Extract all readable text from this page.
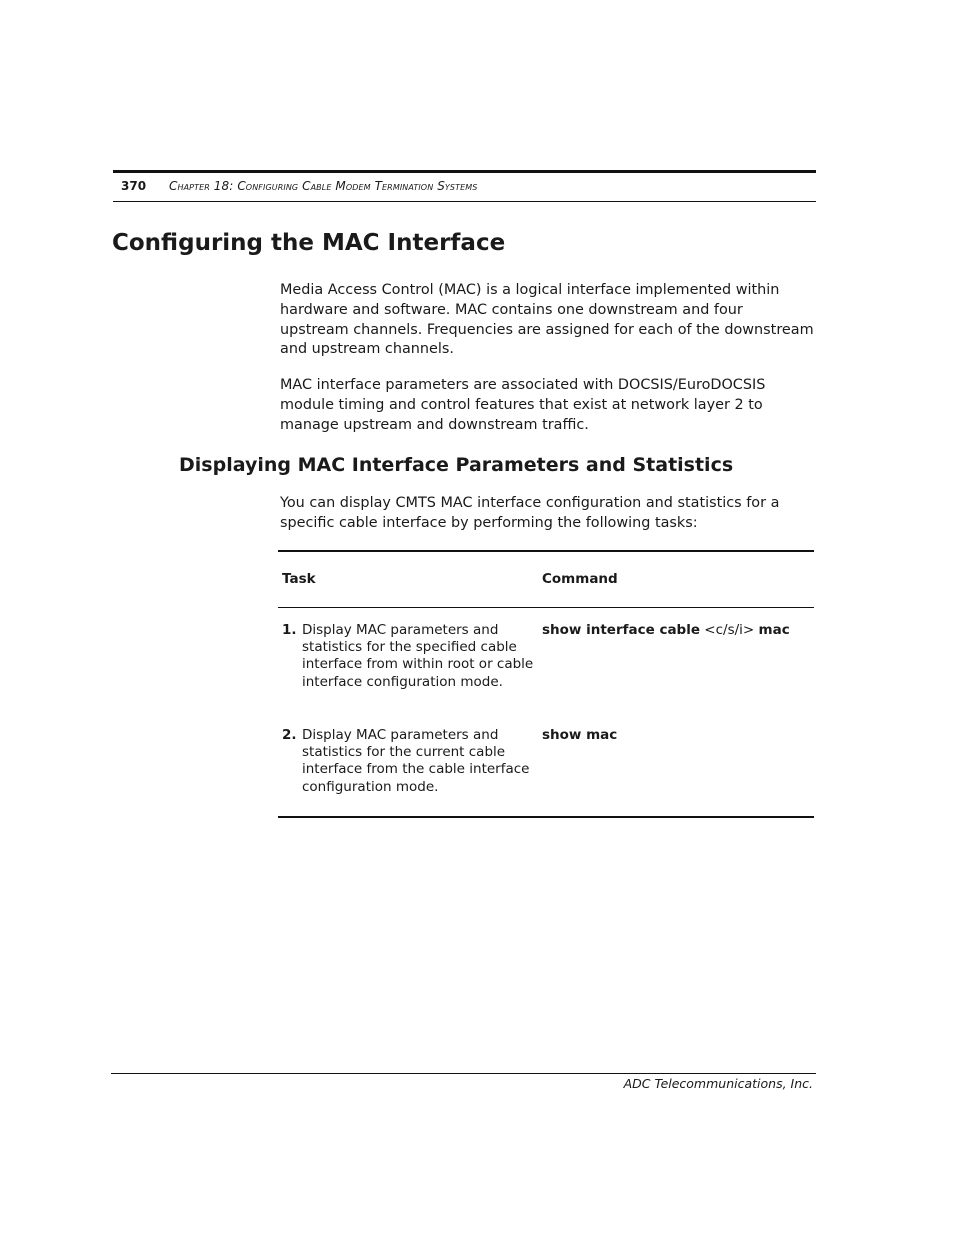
370 Chapter 18: Configuring Cable Modem Termination Systems
Configuring the MAC Interface

Media Access Control (MAC) is a logical interface implemented within hardware and software. MAC contains one downstream and four upstream channels. Frequencies are assigned for each of the downstream and upstream channels.

MAC interface parameters are associated with DOCSIS/EuroDOCSIS module timing and control features that exist at network layer 2 to manage upstream and downstream traffic.

Displaying MAC Interface Parameters and Statistics

You can display CMTS MAC interface configuration and statistics for a specific cable interface by performing the following tasks:

Task	Command
1. Display MAC parameters and statistics for the specified cable interface from within root or cable interface configuration mode.
show interface cable <c/s/i> mac
2. Display MAC parameters and statistics for the current cable interface from the cable interface configuration mode.
show mac
ADC Telecommunications, Inc.
